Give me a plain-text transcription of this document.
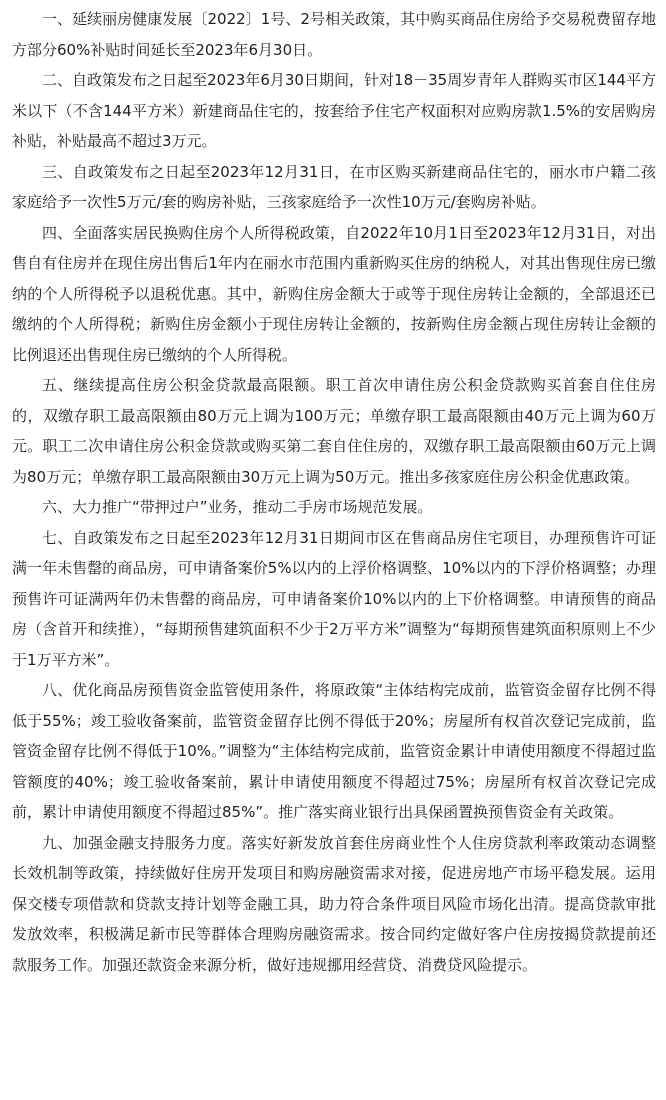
一、延续丽房健康发展〔2022〕1号、2号相关政策，其中购买商品住房给予交易税费留存地方部分60%补贴时间延长至2023年6月30日。

二、自政策发布之日起至2023年6月30日期间，针对18－35周岁青年人群购买市区144平方米以下（不含144平方米）新建商品住宅的，按套给予住宅产权面积对应购房款1.5%的安居购房补贴，补贴最高不超过3万元。

三、自政策发布之日起至2023年12月31日，在市区购买新建商品住宅的，丽水市户籍二孩家庭给予一次性5万元/套的购房补贴，三孩家庭给予一次性10万元/套购房补贴。

四、全面落实居民换购住房个人所得税政策，自2022年10月1日至2023年12月31日，对出售自有住房并在现住房出售后1年内在丽水市范围内重新购买住房的纳税人，对其出售现住房已缴纳的个人所得税予以退税优惠。其中，新购住房金额大于或等于现住房转让金额的，全部退还已缴纳的个人所得税；新购住房金额小于现住房转让金额的，按新购住房金额占现住房转让金额的比例退还出售现住房已缴纳的个人所得税。

五、继续提高住房公积金贷款最高限额。职工首次申请住房公积金贷款购买首套自住住房的，双缴存职工最高限额由80万元上调为100万元；单缴存职工最高限额由40万元上调为60万元。职工二次申请住房公积金贷款或购买第二套自住住房的，双缴存职工最高限额由60万元上调为80万元；单缴存职工最高限额由30万元上调为50万元。推出多孩家庭住房公积金优惠政策。

六、大力推广“带押过户”业务，推动二手房市场规范发展。

七、自政策发布之日起至2023年12月31日期间市区在售商品房住宅项目，办理预售许可证满一年未售罄的商品房，可申请备案价5%以内的上浮价格调整、10%以内的下浮价格调整；办理预售许可证满两年仍未售罄的商品房，可申请备案价10%以内的上下价格调整。申请预售的商品房（含首开和续推），“每期预售建筑面积不少于2万平方米”调整为“每期预售建筑面积原则上不少于1万平方米”。

八、优化商品房预售资金监管使用条件，将原政策“主体结构完成前，监管资金留存比例不得低于55%；竣工验收备案前，监管资金留存比例不得低于20%；房屋所有权首次登记完成前，监管资金留存比例不得低于10%。”调整为“主体结构完成前，监管资金累计申请使用额度不得超过监管额度的40%；竣工验收备案前，累计申请使用额度不得超过75%；房屋所有权首次登记完成前，累计申请使用额度不得超过85%”。推广落实商业银行出具保函置换预售资金有关政策。

九、加强金融支持服务力度。落实好新发放首套住房商业性个人住房贷款利率政策动态调整长效机制等政策，持续做好住房开发项目和购房融资需求对接，促进房地产市场平稳发展。运用保交楼专项借款和贷款支持计划等金融工具，助力符合条件项目风险市场化出清。提高贷款审批发放效率，积极满足新市民等群体合理购房融资需求。按合同约定做好客户住房按揭贷款提前还款服务工作。加强还款资金来源分析，做好违规挪用经营贷、消费贷风险提示。
